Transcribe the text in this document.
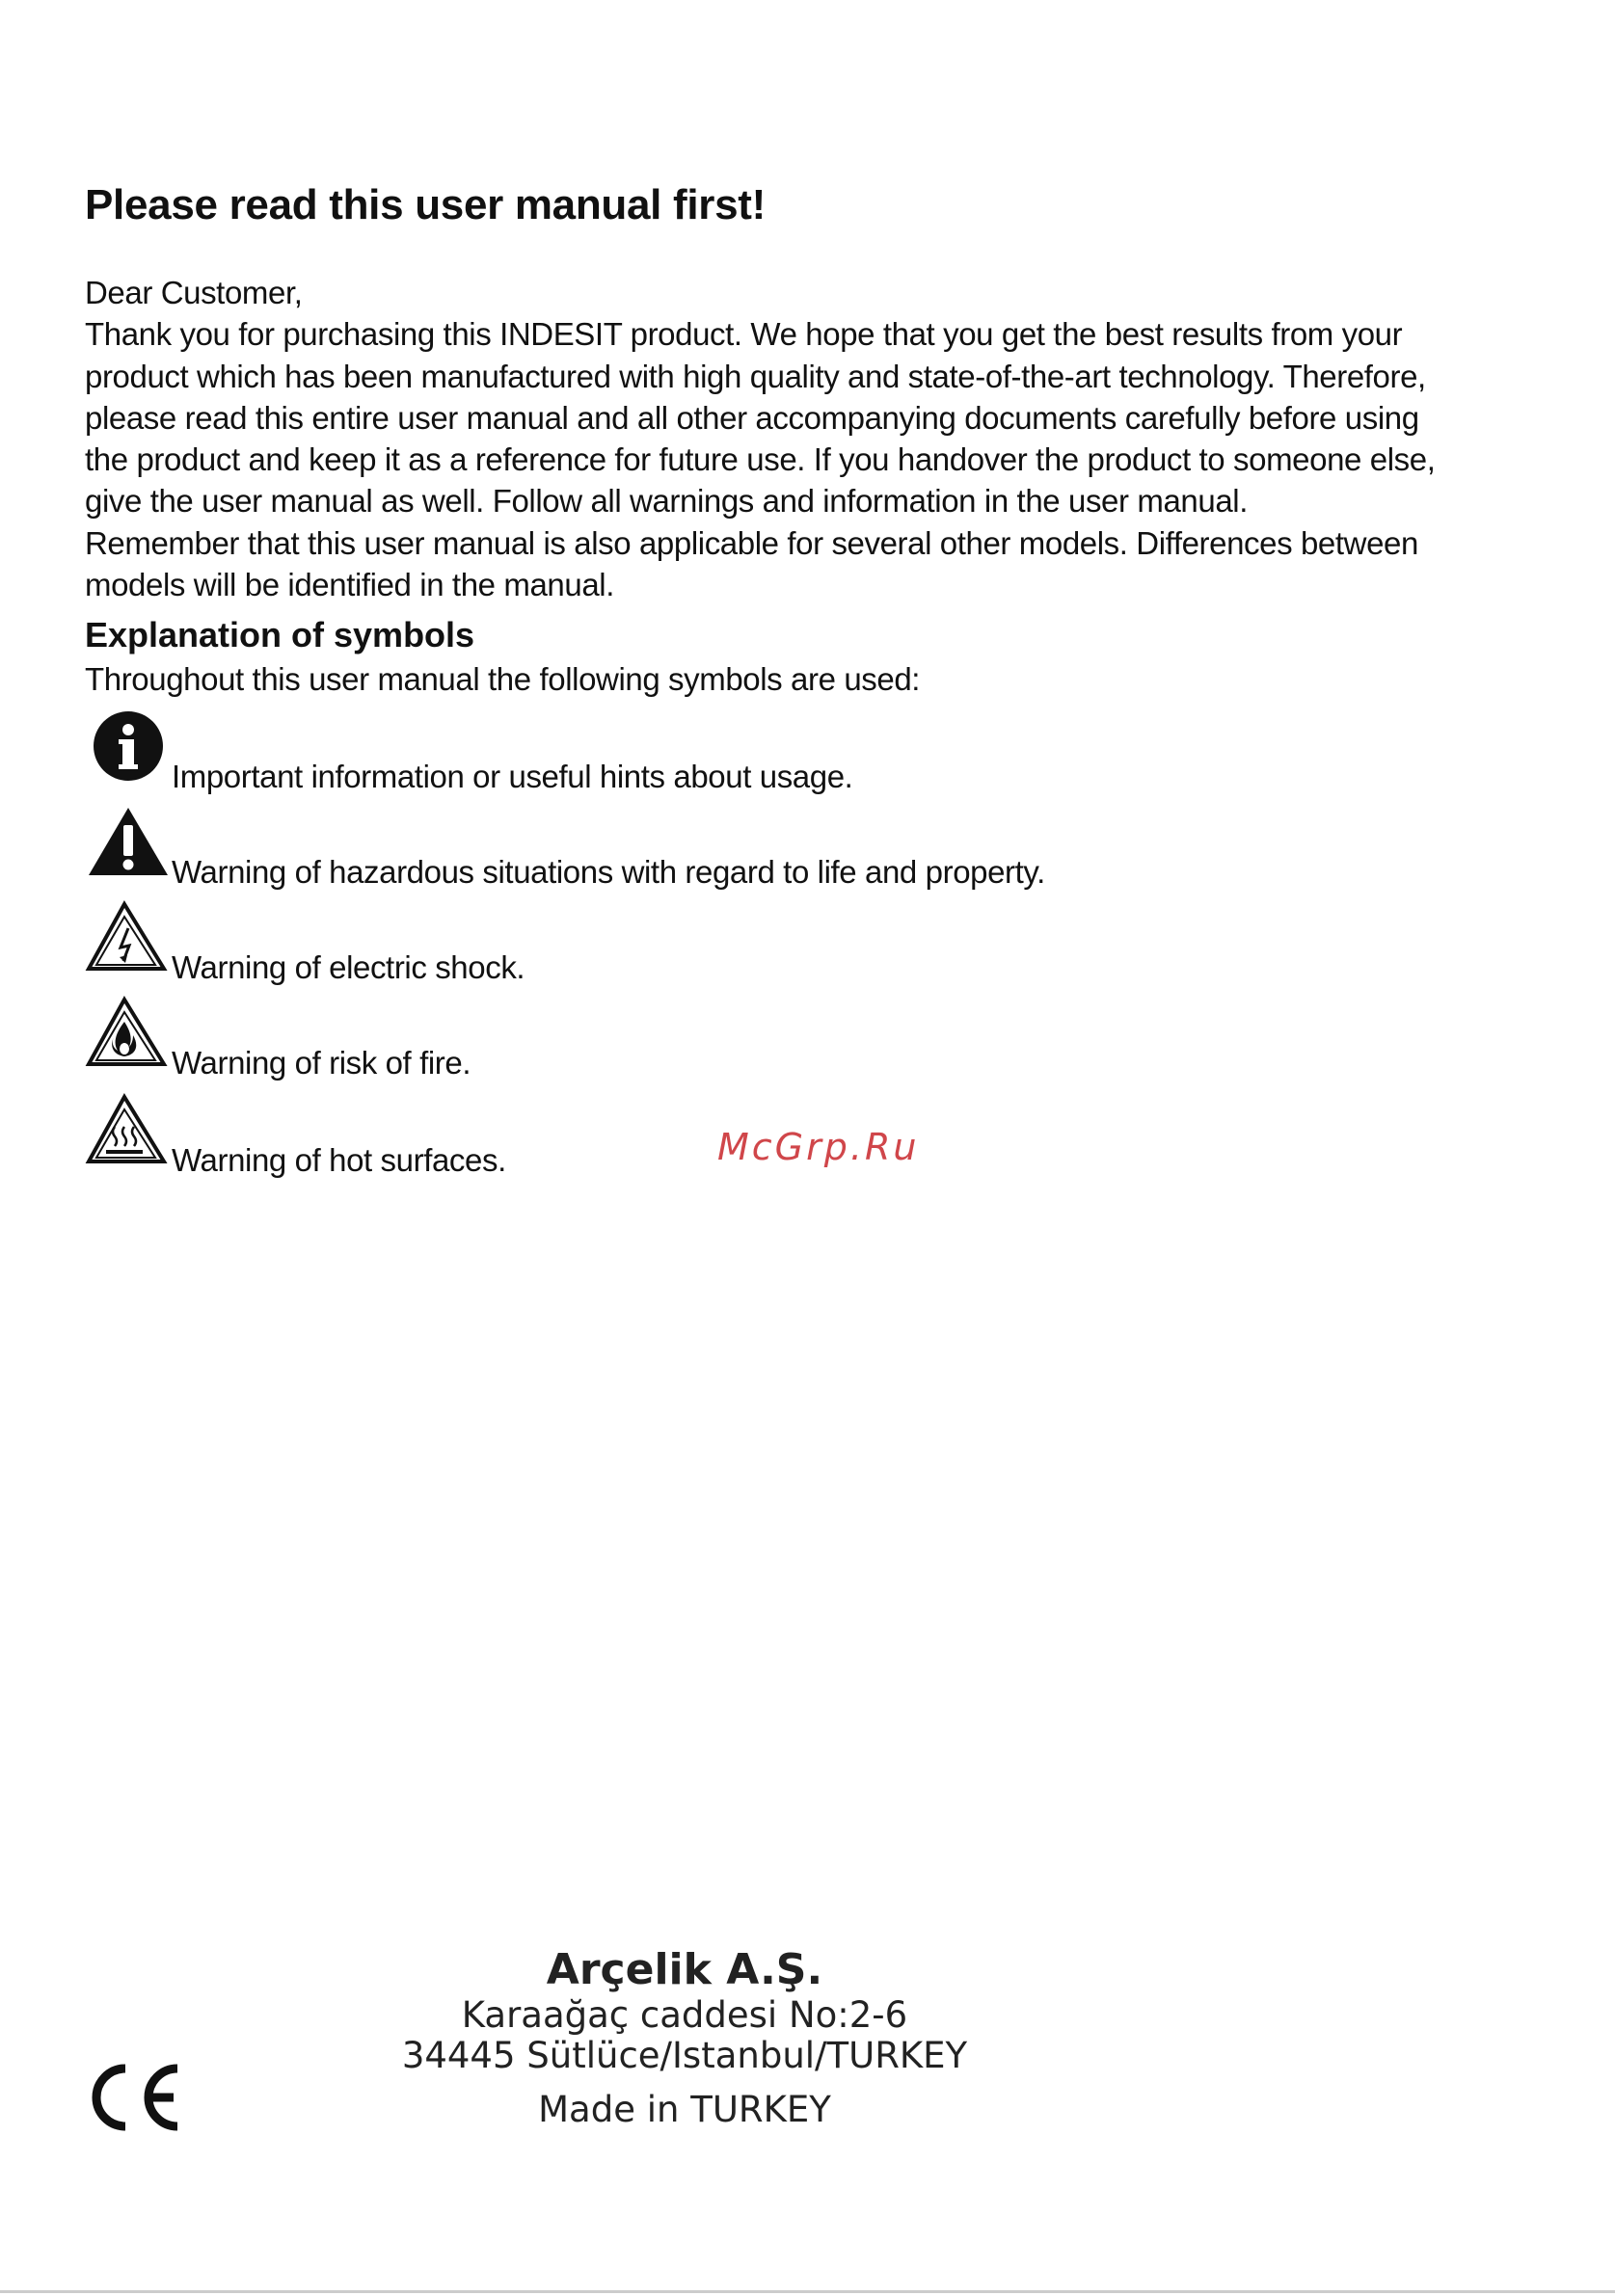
Please read this user manual first!

Dear Customer,

Thank you for purchasing this INDESIT product. We hope that you get the best results from your

product which has been manufactured with high quality and state-of-the-art technology. Therefore,

please read this entire user manual and all other accompanying documents carefully before using

the product and keep it as a reference for future use. If you handover the product to someone else,

give the user manual as well. Follow all warnings and information in the user manual.

Remember that this user manual is also applicable for several other models. Differences between

models will be identified in the manual.

Explanation of symbols

Throughout this user manual the following symbols are used:

Important information or useful hints about usage.
Warning of hazardous situations with regard to life and property.
Warning of electric shock.
Warning of risk of fire.
Warning of hot surfaces.	McGrp.Ru
Arçelik A.Ş.
Karaağaç caddesi No:2-6
34445 Sütlüce/Istanbul/TURKEY
Made in TURKEY
